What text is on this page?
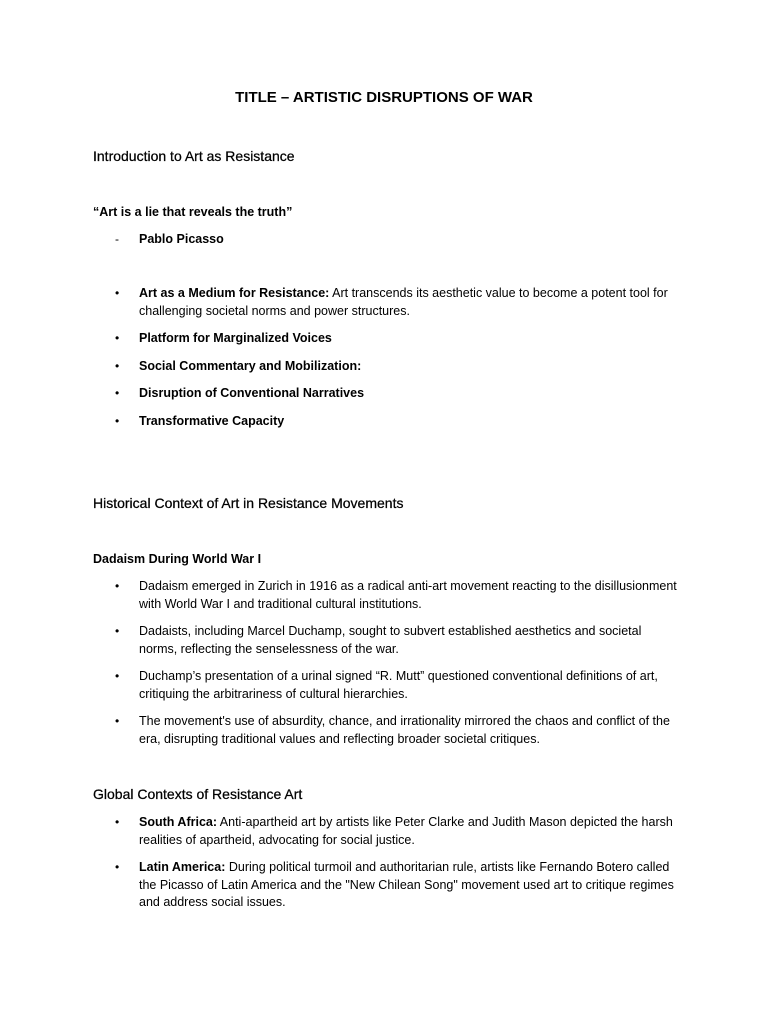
TITLE – ARTISTIC DISRUPTIONS OF WAR
Introduction to Art as Resistance
“Art is a lie that reveals the truth”
- Pablo Picasso
• Art as a Medium for Resistance: Art transcends its aesthetic value to become a potent tool for challenging societal norms and power structures.
• Platform for Marginalized Voices
• Social Commentary and Mobilization:
• Disruption of Conventional Narratives
• Transformative Capacity
Historical Context of Art in Resistance Movements
Dadaism During World War I
• Dadaism emerged in Zurich in 1916 as a radical anti-art movement reacting to the disillusionment with World War I and traditional cultural institutions.
• Dadaists, including Marcel Duchamp, sought to subvert established aesthetics and societal norms, reflecting the senselessness of the war.
• Duchamp’s presentation of a urinal signed “R. Mutt” questioned conventional definitions of art, critiquing the arbitrariness of cultural hierarchies.
• The movement's use of absurdity, chance, and irrationality mirrored the chaos and conflict of the era, disrupting traditional values and reflecting broader societal critiques.
Global Contexts of Resistance Art
• South Africa: Anti-apartheid art by artists like Peter Clarke and Judith Mason depicted the harsh realities of apartheid, advocating for social justice.
• Latin America: During political turmoil and authoritarian rule, artists like Fernando Botero called the Picasso of Latin America and the "New Chilean Song" movement used art to critique regimes and address social issues.
